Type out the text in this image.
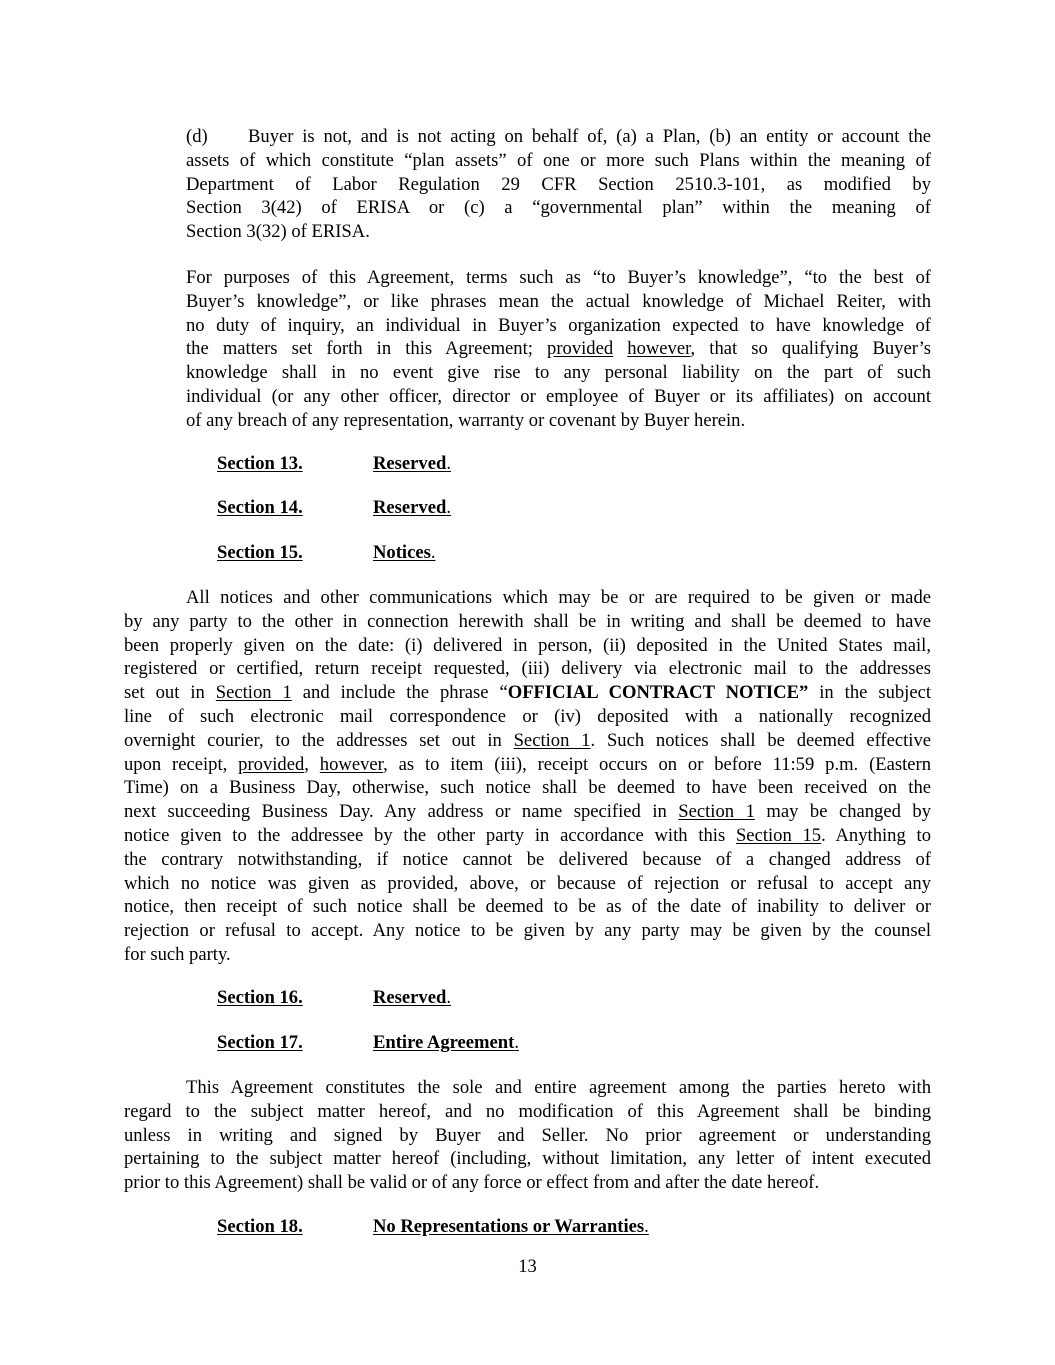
(d)	Buyer is not, and is not acting on behalf of, (a) a Plan, (b) an entity or account the
assets of which constitute “plan assets” of one or more such Plans within the meaning of
Department of Labor Regulation 29 CFR Section 2510.3-101, as modified by
Section 3(42) of ERISA or (c) a “governmental plan” within the meaning of
Section 3(32) of ERISA.
For purposes of this Agreement, terms such as “to Buyer’s knowledge”, “to the best of
Buyer’s knowledge”, or like phrases mean the actual knowledge of Michael Reiter, with
no duty of inquiry, an individual in Buyer’s organization expected to have knowledge of
the matters set forth in this Agreement; provided however, that so qualifying Buyer’s
knowledge shall in no event give rise to any personal liability on the part of such
individual (or any other officer, director or employee of Buyer or its affiliates) on account
of any breach of any representation, warranty or covenant by Buyer herein.
Section 13.	Reserved.
Section 14.	Reserved.
Section 15.	Notices.
All notices and other communications which may be or are required to be given or made
by any party to the other in connection herewith shall be in writing and shall be deemed to have
been properly given on the date: (i) delivered in person, (ii) deposited in the United States mail,
registered or certified, return receipt requested, (iii) delivery via electronic mail to the addresses
set out in Section 1 and include the phrase “OFFICIAL CONTRACT NOTICE” in the subject
line of such electronic mail correspondence or (iv) deposited with a nationally recognized
overnight courier, to the addresses set out in Section 1. Such notices shall be deemed effective
upon receipt, provided, however, as to item (iii), receipt occurs on or before 11:59 p.m. (Eastern
Time) on a Business Day, otherwise, such notice shall be deemed to have been received on the
next succeeding Business Day. Any address or name specified in Section 1 may be changed by
notice given to the addressee by the other party in accordance with this Section 15. Anything to
the contrary notwithstanding, if notice cannot be delivered because of a changed address of
which no notice was given as provided, above, or because of rejection or refusal to accept any
notice, then receipt of such notice shall be deemed to be as of the date of inability to deliver or
rejection or refusal to accept. Any notice to be given by any party may be given by the counsel
for such party.
Section 16.	Reserved.
Section 17.	Entire Agreement.
This Agreement constitutes the sole and entire agreement among the parties hereto with
regard to the subject matter hereof, and no modification of this Agreement shall be binding
unless in writing and signed by Buyer and Seller. No prior agreement or understanding
pertaining to the subject matter hereof (including, without limitation, any letter of intent executed
prior to this Agreement) shall be valid or of any force or effect from and after the date hereof.
Section 18.	No Representations or Warranties.
13
